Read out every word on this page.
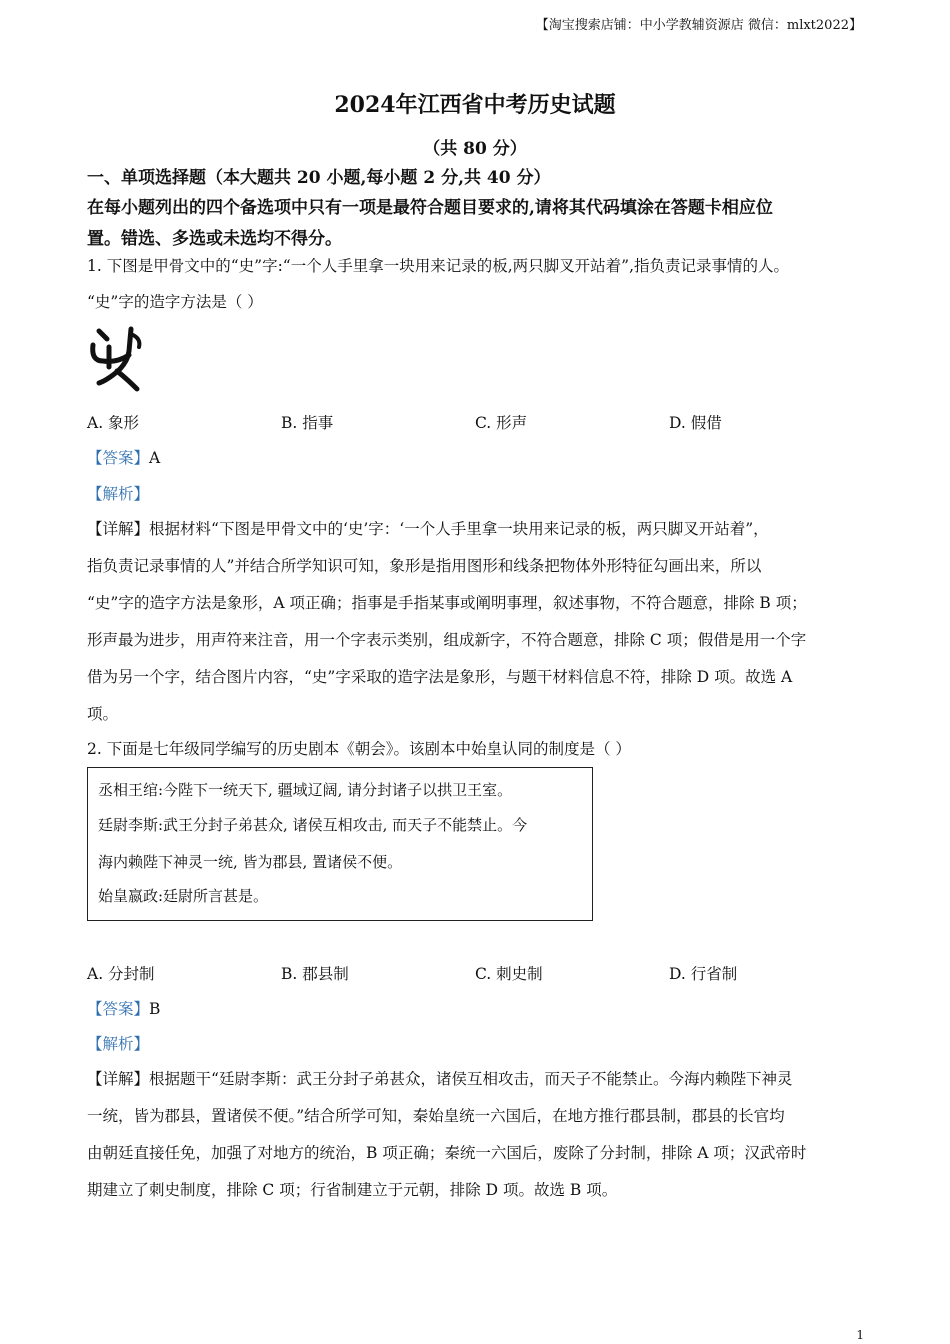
【淘宝搜索店铺：中小学教辅资源店 微信：mlxt2022】
2024年江西省中考历史试题
（共 80 分）
一、单项选择题（本大题共 20 小题,每小题 2 分,共 40 分）
在每小题列出的四个备选项中只有一项是最符合题目要求的,请将其代码填涂在答题卡相应位
置。错选、多选或未选均不得分。
1. 下图是甲骨文中的“史”字:“一个人手里拿一块用来记录的板,两只脚叉开站着”,指负责记录事情的人。
“史”字的造字方法是（ ）
A. 象形	B. 指事	C. 形声	D. 假借
【答案】A
【解析】
【详解】根据材料“下图是甲骨文中的‘史’字：‘一个人手里拿一块用来记录的板，两只脚叉开站着”，
指负责记录事情的人”并结合所学知识可知，象形是指用图形和线条把物体外形特征勾画出来，所以
“史”字的造字方法是象形，A 项正确；指事是手指某事或阐明事理，叙述事物，不符合题意，排除 B 项；
形声最为进步，用声符来注音，用一个字表示类别，组成新字，不符合题意，排除 C 项；假借是用一个字
借为另一个字，结合图片内容，“史”字采取的造字法是象形，与题干材料信息不符，排除 D 项。故选 A
项。
2. 下面是七年级同学编写的历史剧本《朝会》。该剧本中始皇认同的制度是（ ）
丞相王绾:今陛下一统天下, 疆域辽阔, 请分封诸子以拱卫王室。
廷尉李斯:武王分封子弟甚众, 诸侯互相攻击, 而天子不能禁止。今
海内赖陛下神灵一统, 皆为郡县, 置诸侯不便。
始皇嬴政:廷尉所言甚是。
A. 分封制	B. 郡县制	C. 刺史制	D. 行省制
【答案】B
【解析】
【详解】根据题干“廷尉李斯：武王分封子弟甚众，诸侯互相攻击，而天子不能禁止。今海内赖陛下神灵
一统，皆为郡县，置诸侯不便。”结合所学可知，秦始皇统一六国后，在地方推行郡县制，郡县的长官均
由朝廷直接任免，加强了对地方的统治，B 项正确；秦统一六国后，废除了分封制，排除 A 项；汉武帝时
期建立了刺史制度，排除 C 项；行省制建立于元朝，排除 D 项。故选 B 项。
1
